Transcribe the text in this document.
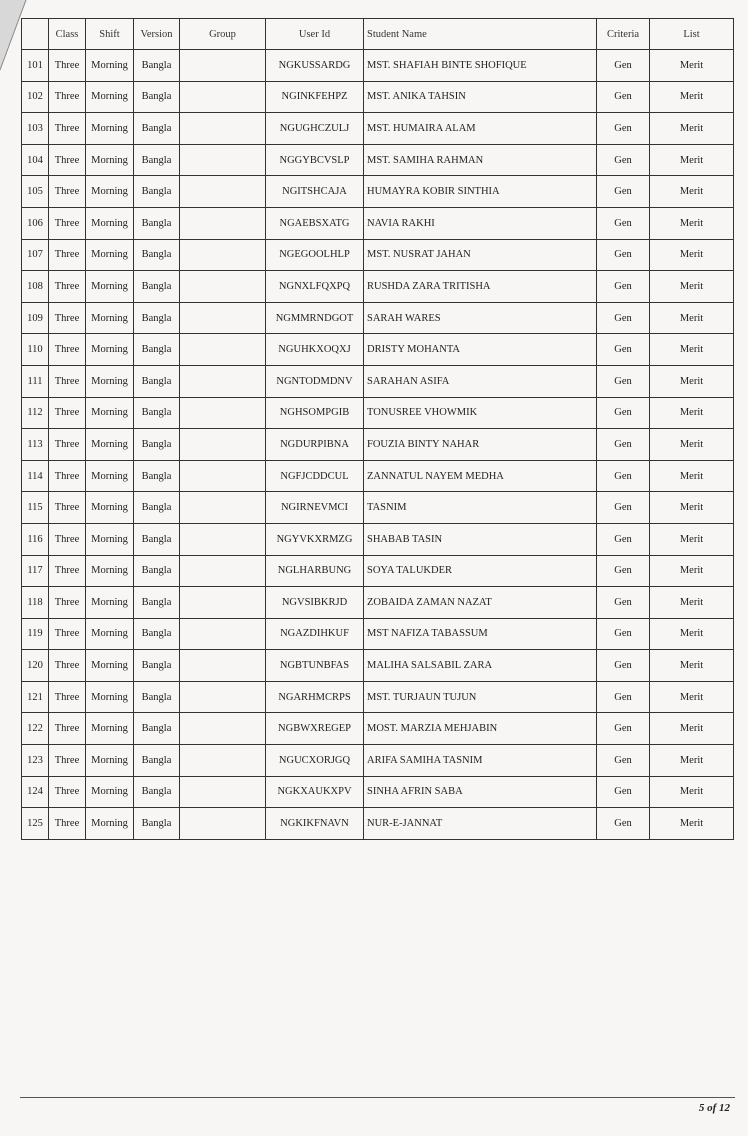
	Class	Shift	Version	Group	User Id	Student Name	Criteria	List
101	Three	Morning	Bangla		NGKUSSARDG	MST. SHAFIAH BINTE SHOFIQUE	Gen	Merit
102	Three	Morning	Bangla		NGINKFEHPZ	MST. ANIKA TAHSIN	Gen	Merit
103	Three	Morning	Bangla		NGUGHCZULJ	MST. HUMAIRA ALAM	Gen	Merit
104	Three	Morning	Bangla		NGGYBCVSLP	MST. SAMIHA RAHMAN	Gen	Merit
105	Three	Morning	Bangla		NGITSHCAJA	HUMAYRA KOBIR SINTHIA	Gen	Merit
106	Three	Morning	Bangla		NGAEBSXATG	NAVIA RAKHI	Gen	Merit
107	Three	Morning	Bangla		NGEGOOLHLP	MST. NUSRAT JAHAN	Gen	Merit
108	Three	Morning	Bangla		NGNXLFQXPQ	RUSHDA ZARA TRITISHA	Gen	Merit
109	Three	Morning	Bangla		NGMMRNDGOT	SARAH WARES	Gen	Merit
110	Three	Morning	Bangla		NGUHKXOQXJ	DRISTY MOHANTA	Gen	Merit
111	Three	Morning	Bangla		NGNTODMDNV	SARAHAN ASIFA	Gen	Merit
112	Three	Morning	Bangla		NGHSOMPGIB	TONUSREE VHOWMIK	Gen	Merit
113	Three	Morning	Bangla		NGDURPIBNA	FOUZIA BINTY NAHAR	Gen	Merit
114	Three	Morning	Bangla		NGFJCDDCUL	ZANNATUL NAYEM MEDHA	Gen	Merit
115	Three	Morning	Bangla		NGIRNEVMCI	TASNIM	Gen	Merit
116	Three	Morning	Bangla		NGYVKXRMZG	SHABAB TASIN	Gen	Merit
117	Three	Morning	Bangla		NGLHARBUNG	SOYA TALUKDER	Gen	Merit
118	Three	Morning	Bangla		NGVSIBKRJD	ZOBAIDA ZAMAN NAZAT	Gen	Merit
119	Three	Morning	Bangla		NGAZDIHKUF	MST NAFIZA TABASSUM	Gen	Merit
120	Three	Morning	Bangla		NGBTUNBFAS	MALIHA SALSABIL ZARA	Gen	Merit
121	Three	Morning	Bangla		NGARHMCRPS	MST. TURJAUN TUJUN	Gen	Merit
122	Three	Morning	Bangla		NGBWXREGEP	MOST. MARZIA MEHJABIN	Gen	Merit
123	Three	Morning	Bangla		NGUCXORJGQ	ARIFA SAMIHA TASNIM	Gen	Merit
124	Three	Morning	Bangla		NGKXAUKXPV	SINHA AFRIN SABA	Gen	Merit
125	Three	Morning	Bangla		NGKIKFNAVN	NUR-E-JANNAT	Gen	Merit
5 of 12
